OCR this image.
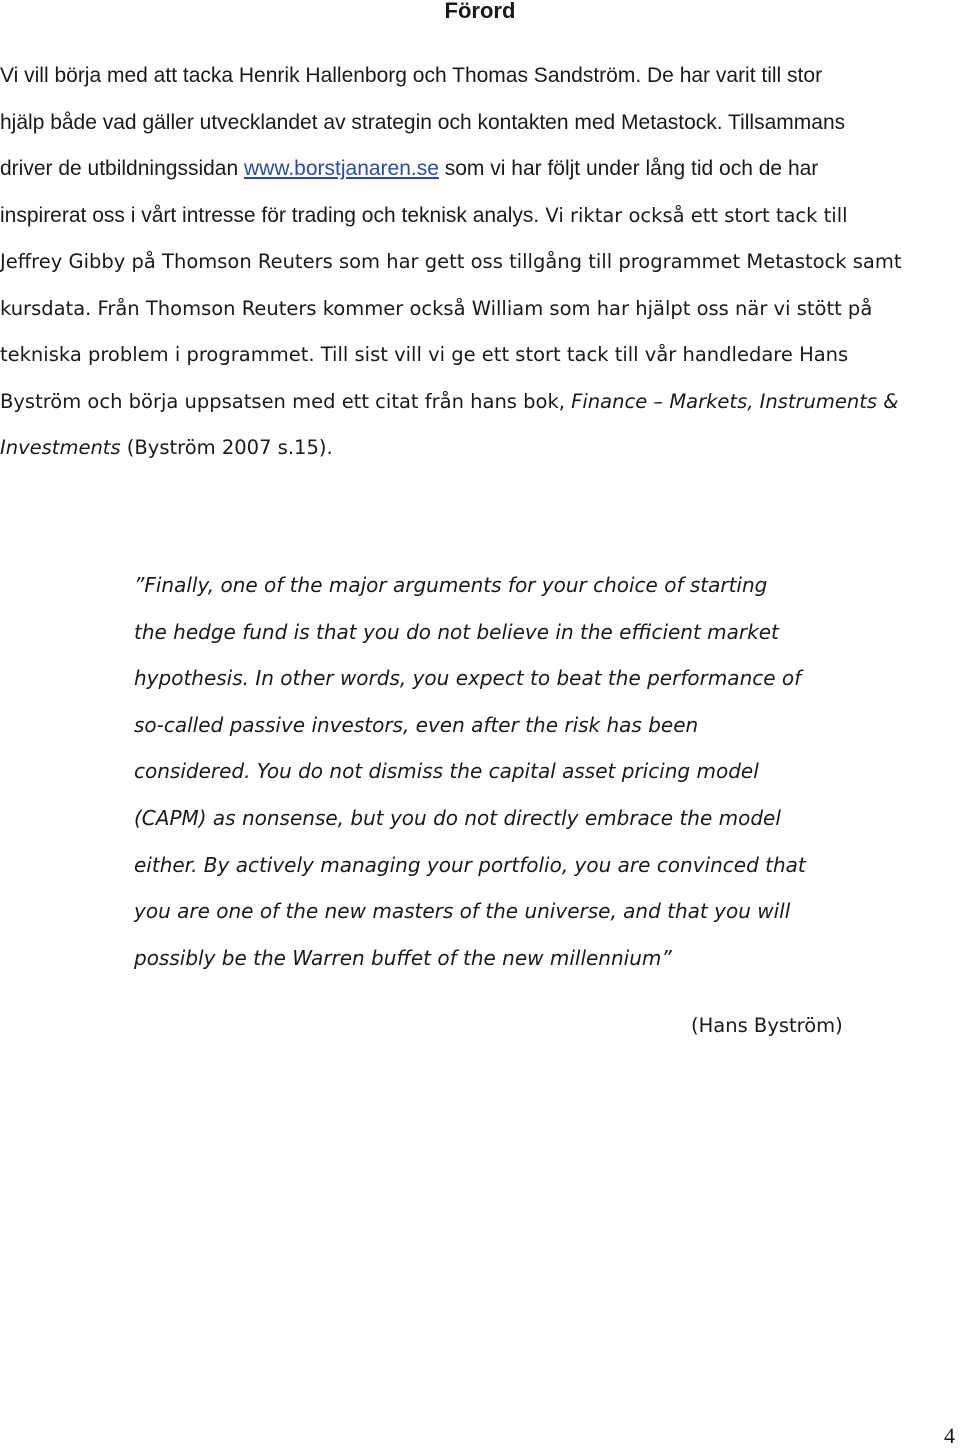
Förord

Vi vill börja med att tacka Henrik Hallenborg och Thomas Sandström. De har varit till stor
hjälp både vad gäller utvecklandet av strategin och kontakten med Metastock. Tillsammans
driver de utbildningssidan www.borstjanaren.se som vi har följt under lång tid och de har
inspirerat oss i vårt intresse för trading och teknisk analys. Vi riktar också ett stort tack till
Jeffrey Gibby på Thomson Reuters som har gett oss tillgång till programmet Metastock samt
kursdata. Från Thomson Reuters kommer också William som har hjälpt oss när vi stött på
tekniska problem i programmet. Till sist vill vi ge ett stort tack till vår handledare Hans
Byström och börja uppsatsen med ett citat från hans bok, Finance – Markets, Instruments &
Investments (Byström 2007 s.15).

”Finally, one of the major arguments for your choice of starting
the hedge fund is that you do not believe in the efficient market
hypothesis. In other words, you expect to beat the performance of
so-called passive investors, even after the risk has been
considered. You do not dismiss the capital asset pricing model
(CAPM) as nonsense, but you do not directly embrace the model
either. By actively managing your portfolio, you are convinced that
you are one of the new masters of the universe, and that you will
possibly be the Warren buffet of the new millennium”

(Hans Byström)

4
